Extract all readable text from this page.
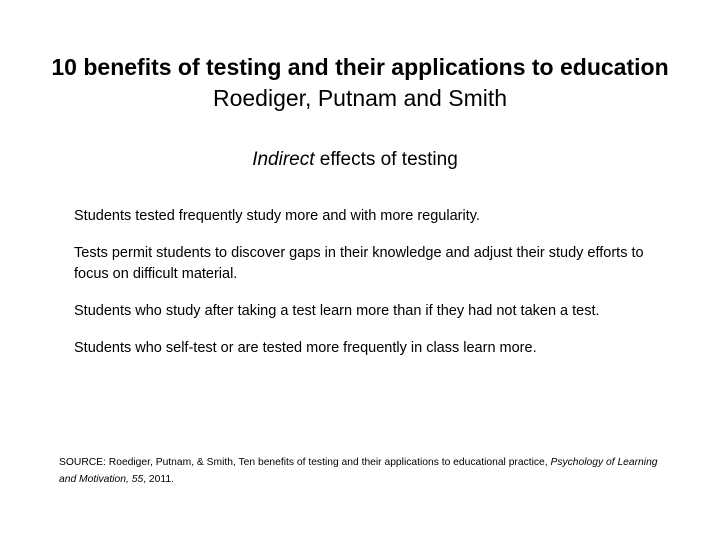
10 benefits of testing and their applications to education
Roediger, Putnam and Smith
Indirect effects of testing

Students tested frequently study more and with more regularity.

Tests permit students to discover gaps in their knowledge and adjust their study efforts to focus on difficult material.

Students who study after taking a test learn more than if they had not taken a test.

Students who self-test or are tested more frequently in class learn more.

SOURCE: Roediger, Putnam, & Smith, Ten benefits of testing and their applications to educational practice, Psychology of Learning and Motivation, 55, 2011.
